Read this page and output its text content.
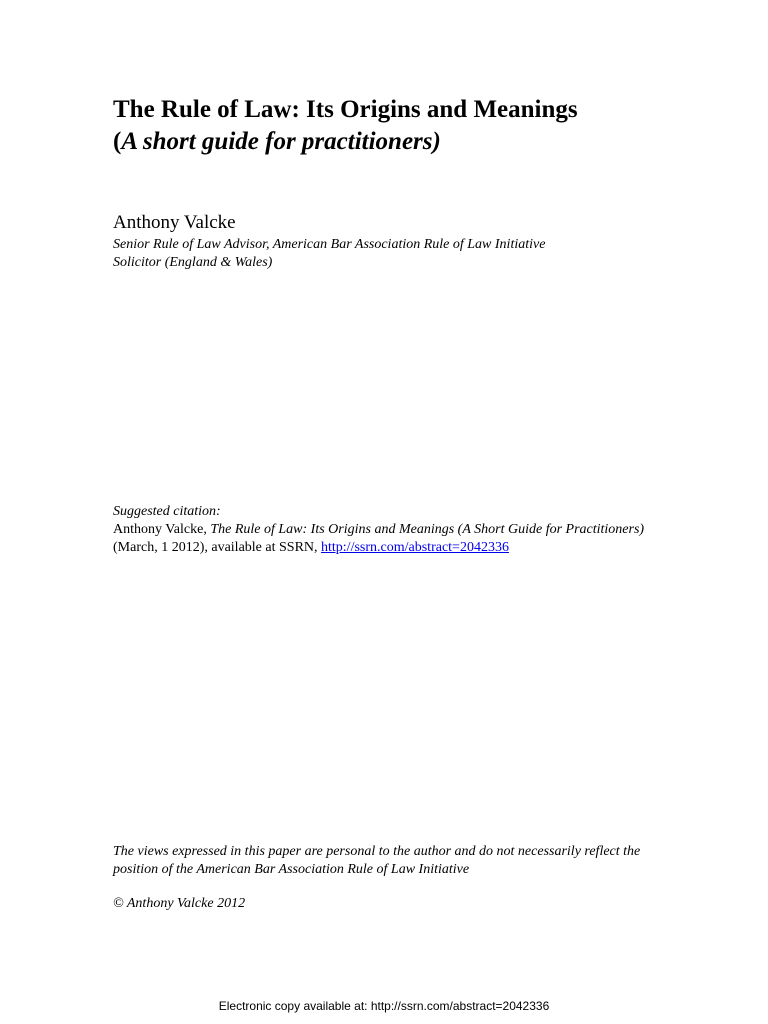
The Rule of Law: Its Origins and Meanings
(A short guide for practitioners)
Anthony Valcke
Senior Rule of Law Advisor, American Bar Association Rule of Law Initiative
Solicitor (England & Wales)
Suggested citation:
Anthony Valcke, The Rule of Law: Its Origins and Meanings (A Short Guide for Practitioners) (March, 1 2012), available at SSRN, http://ssrn.com/abstract=2042336
The views expressed in this paper are personal to the author and do not necessarily reflect the position of the American Bar Association Rule of Law Initiative
© Anthony Valcke 2012
Electronic copy available at: http://ssrn.com/abstract=2042336
